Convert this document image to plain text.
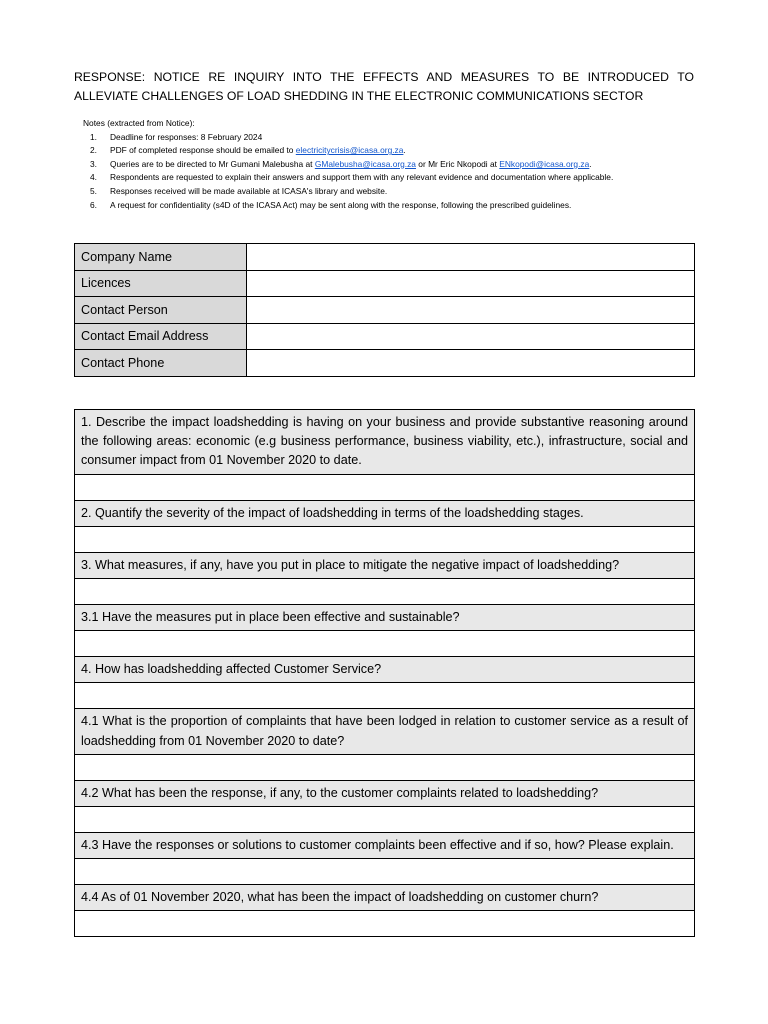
RESPONSE: NOTICE RE INQUIRY INTO THE EFFECTS AND MEASURES TO BE INTRODUCED TO ALLEVIATE CHALLENGES OF LOAD SHEDDING IN THE ELECTRONIC COMMUNICATIONS SECTOR

Notes (extracted from Notice):

1.	Deadline for responses: 8 February 2024
2.	PDF of completed response should be emailed to electricitycrisis@icasa.org.za.
3.	Queries are to be directed to Mr Gumani Malebusha at GMalebusha@icasa.org.za or Mr Eric Nkopodi at ENkopodi@icasa.org.za.
4.	Respondents are requested to explain their answers and support them with any relevant evidence and documentation where applicable.
5.	Responses received will be made available at ICASA's library and website.
6.	A request for confidentiality (s4D of the ICASA Act) may be sent along with the response, following the prescribed guidelines.
Company Name	
Licences	
Contact Person	
Contact Email Address	
Contact Phone	
1. Describe the impact loadshedding is having on your business and provide substantive reasoning around the following areas: economic (e.g business performance, business viability, etc.), infrastructure, social and consumer impact from 01 November 2020 to date.

2. Quantify the severity of the impact of loadshedding in terms of the loadshedding stages.

3. What measures, if any, have you put in place to mitigate the negative impact of loadshedding?

3.1 Have the measures put in place been effective and sustainable?

4. How has loadshedding affected Customer Service?

4.1 What is the proportion of complaints that have been lodged in relation to customer service as a result of loadshedding from 01 November 2020 to date?

4.2 What has been the response, if any, to the customer complaints related to loadshedding?

4.3 Have the responses or solutions to customer complaints been effective and if so, how? Please explain.

4.4 As of 01 November 2020, what has been the impact of loadshedding on customer churn?
